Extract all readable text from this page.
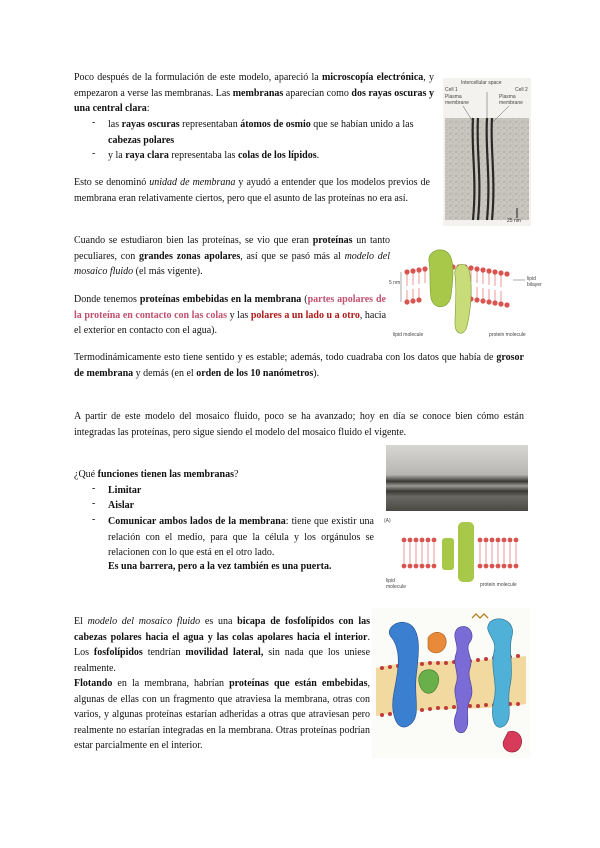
Poco después de la formulación de este modelo, apareció la microscopía electrónica, y empezaron a verse las membranas. Las membranas aparecían como dos rayas oscuras y una central clara:
- las rayas oscuras representaban átomos de osmio que se habían unido a las cabezas polares
- y la raya clara representaba las colas de los lípidos.
Intercellular space
Cell 1	Cell 2
Plasma membrane
Plasma membrane
25 nm
Esto se denominó unidad de membrana y ayudó a entender que los modelos previos de membrana eran relativamente ciertos, pero que el asunto de las proteínas no era así.
Cuando se estudiaron bien las proteínas, se vio que eran proteínas un tanto peculiares, con grandes zonas apolares, así que se pasó más al modelo del mosaico fluido (el más vigente).
5 nm
lipid bilayer
lipid molecule	protein molecule
Donde tenemos proteínas embebidas en la membrana (partes apolares de la proteína en contacto con las colas y las polares a un lado u a otro, hacia el exterior en contacto con el agua).
Termodinámicamente esto tiene sentido y es estable; además, todo cuadraba con los datos que había de grosor de membrana y demás (en el orden de los 10 nanómetros).
A partir de este modelo del mosaico fluido, poco se ha avanzado; hoy en día se conoce bien cómo están integradas las proteínas, pero sigue siendo el modelo del mosaico fluido el vigente.
¿Qué funciones tienen las membranas?
- Limitar
- Aislar
- Comunicar ambos lados de la membrana: tiene que existir una relación con el medio, para que la célula y los orgánulos se relacionen con lo que está en el otro lado.
Es una barrera, pero a la vez también es una puerta.
(A)
lipid molecule	protein molecule
El modelo del mosaico fluido es una bicapa de fosfolípidos con las cabezas polares hacia el agua y las colas apolares hacia el interior. Los fosfolípidos tendrían movilidad lateral, sin nada que los uniese realmente.
Flotando en la membrana, habrían proteínas que están embebidas, algunas de ellas con un fragmento que atraviesa la membrana, otras con varios, y algunas proteínas estarían adheridas a otras que atraviesan pero realmente no estarían integradas en la membrana. Otras proteínas podrían estar parcialmente en el interior.
